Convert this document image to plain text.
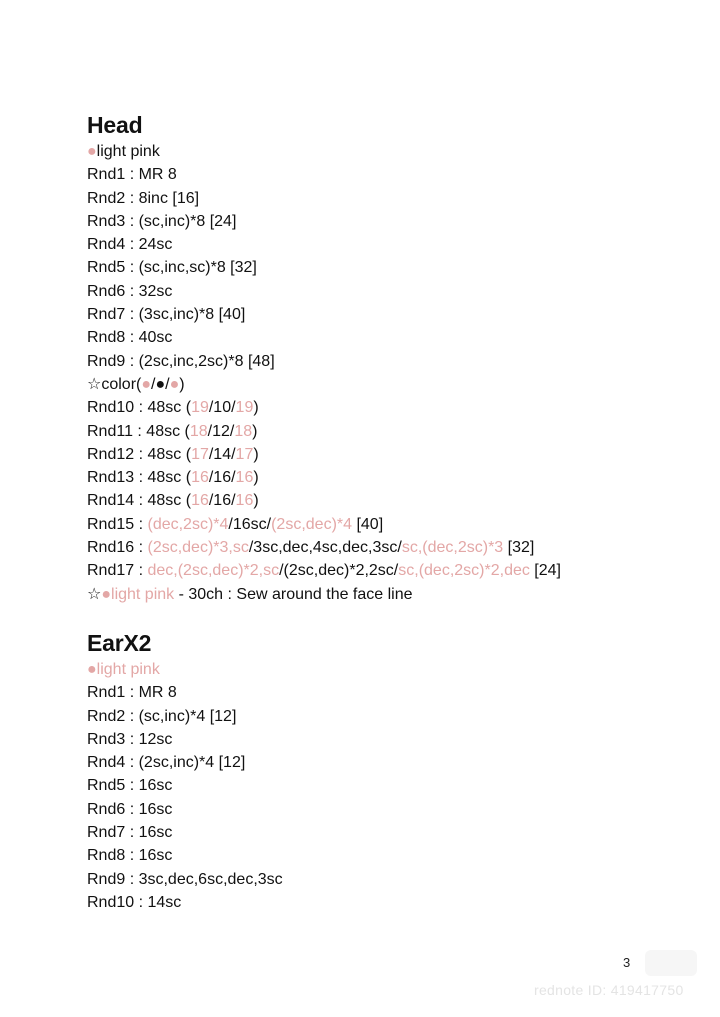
Head
●light pink
Rnd1 : MR 8
Rnd2 : 8inc [16]
Rnd3 : (sc,inc)*8 [24]
Rnd4 : 24sc
Rnd5 : (sc,inc,sc)*8 [32]
Rnd6 : 32sc
Rnd7 : (3sc,inc)*8 [40]
Rnd8 : 40sc
Rnd9 : (2sc,inc,2sc)*8 [48]
☆color(●/●/●)
Rnd10 : 48sc (19/10/19)
Rnd11 : 48sc (18/12/18)
Rnd12 : 48sc (17/14/17)
Rnd13 : 48sc (16/16/16)
Rnd14 : 48sc (16/16/16)
Rnd15 : (dec,2sc)*4/16sc/(2sc,dec)*4 [40]
Rnd16 : (2sc,dec)*3,sc/3sc,dec,4sc,dec,3sc/sc,(dec,2sc)*3 [32]
Rnd17 : dec,(2sc,dec)*2,sc/(2sc,dec)*2,2sc/sc,(dec,2sc)*2,dec [24]
☆●light pink - 30ch : Sew around the face line
EarX2
●light pink
Rnd1 : MR 8
Rnd2 : (sc,inc)*4 [12]
Rnd3 : 12sc
Rnd4 : (2sc,inc)*4 [12]
Rnd5 : 16sc
Rnd6 : 16sc
Rnd7 : 16sc
Rnd8 : 16sc
Rnd9 : 3sc,dec,6sc,dec,3sc
Rnd10 : 14sc
3
rednote ID: 419417750
